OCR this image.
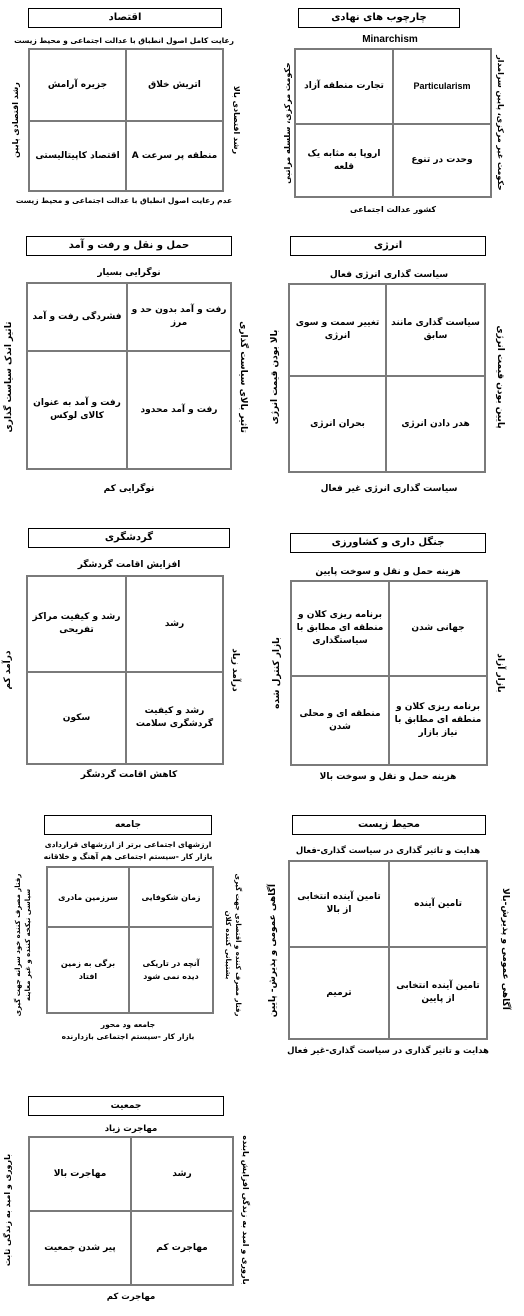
چارچوب های نهادی
Minarchism
Particularism
تجارت منطقه آزاد
وحدت در تنوع
اروپا به مثابه یک قلعه
کشور عدالت اجتماعی
حکومت غیر مرکزی، پایین سرامدار
حکومت مرکزی، سلسله مراتبی
اقتصاد
رعایت کامل اصول انطباق با عدالت اجتماعی و محیط زیست
اتریش خلاق
جزیره آرامش
منطقه پر سرعت A
اقتصاد کاپیتالیستی
عدم رعایت اصول انطباق با عدالت اجتماعی و محیط زیست
رشد اقتصادی بالا
رشد اقتصادی پایین
انرژی
سیاست گذاری انرژی فعال
سیاست گذاری مانند سابق
تغییر سمت و سوی انرژی
هدر دادن انرژی
بحران انرژی
سیاست گذاری انرژی غیر فعال
پایین بودن قیمت انرژی
بالا بودن قیمت انرژی
حمل و نقل و رفت و آمد
نوگرایی بسیار
رفت و آمد بدون حد و مرز
فشردگی رفت و آمد
رفت و آمد محدود
رفت و آمد به عنوان کالای لوکس
نوگرایی کم
تاثیر بالای سیاست گذاری
تاثیر اندک سیاست گذاری
جنگل داری و کشاورزی
هزینه حمل و نقل و سوخت پایین
جهانی شدن
برنامه ریزی کلان و منطقه ای مطابق با سیاستگذاری
برنامه ریزی کلان و منطقه ای مطابق با نیاز بازار
منطقه ای و محلی شدن
هزینه حمل و نقل و سوخت بالا
بازار آزاد
بازار کنترل شده
گردشگری
افزایش اقامت گردشگر
رشد
رشد و کیفیت مراکز تفریحی
رشد و کیفیت گردشگری سلامت
سکون
کاهش اقامت گردشگر
درآمد زیاد
درآمد کم
محیط زیست
هدایت و تاثیر گذاری در سیاست گذاری-فعال
تامین آینده
تامین آینده انتخابی از بالا
تامین آینده انتخابی از پایین
ترمیم
هدایت و تاثیر گذاری در سیاست گذاری-غیر فعال
آگاهی عمومی و پذیرش-بالا
آگاهی عمومی و پذیرش- پایین
جامعه
ارزشهای اجتماعی برتر از ارزشهای قراردادی
بازار کار -سیستم اجتماعی هم آهنگ و خلاقانه
زمان شکوفایی
سرزمین مادری
آنچه در تاریکی دیده نمی شود
برگی به زمین افتاد
جامعه ود محور
بازار کار -سیستم اجتماعی بازدارنده
رفتار مصرف کننده و اقتصادی جهت گیری بشتیبانی کننده کلان
رفتار مصرف کننده خود سرانه جهت گیری سیاسی نیکخه کننده و غیر معاینه
جمعیت
مهاجرت زیاد
رشد
مهاجرت بالا
مهاجرت کم
پیر شدن جمعیت
مهاجرت کم
باروری و امید به زندگی افزایش یابنده
باروری و امید به زندگی ثابت
